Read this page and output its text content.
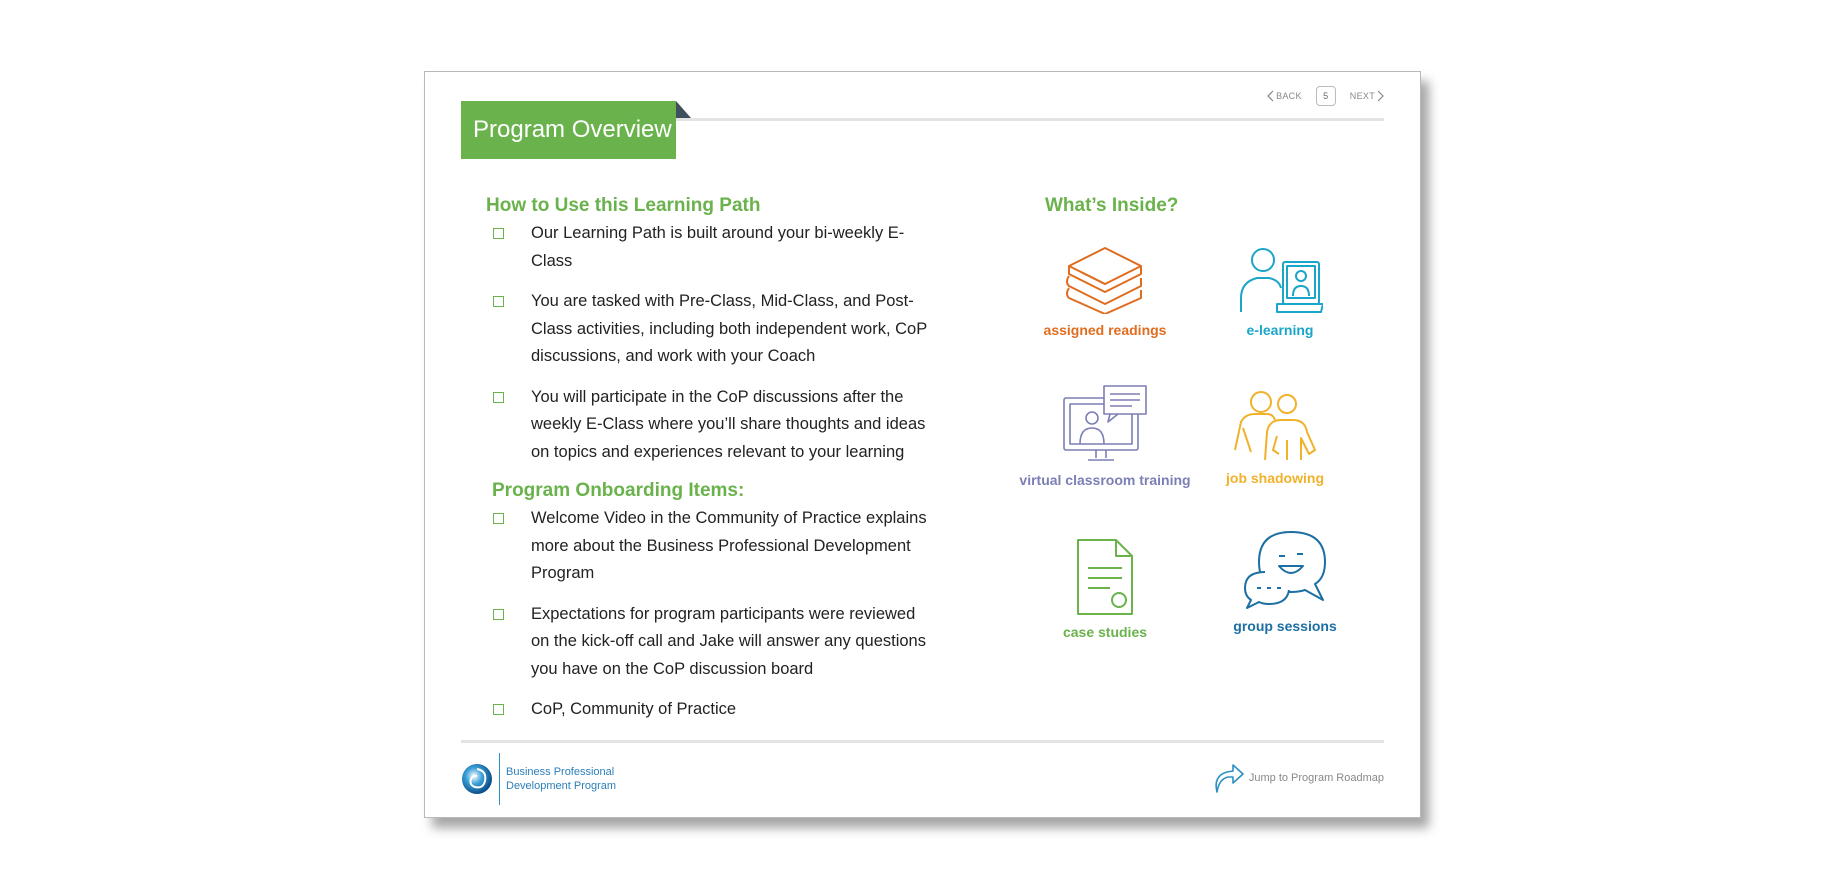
BACK 5 NEXT
Program Overview
How to Use this Learning Path
Our Learning Path is built around your bi-weekly E-Class
You are tasked with Pre-Class, Mid-Class, and Post-Class activities, including both independent work, CoP discussions, and work with your Coach
You will participate in the CoP discussions after the weekly E-Class where you’ll share thoughts and ideas on topics and experiences relevant to your learning
Program Onboarding Items:
Welcome Video in the Community of Practice explains more about the Business Professional Development Program
Expectations for program participants were reviewed on the kick-off call and Jake will answer any questions you have on the CoP discussion board
CoP, Community of Practice
What’s Inside?
assigned readings	e-learning
virtual classroom training	job shadowing
case studies	group sessions
Business Professional
Development Program
Jump to Program Roadmap
